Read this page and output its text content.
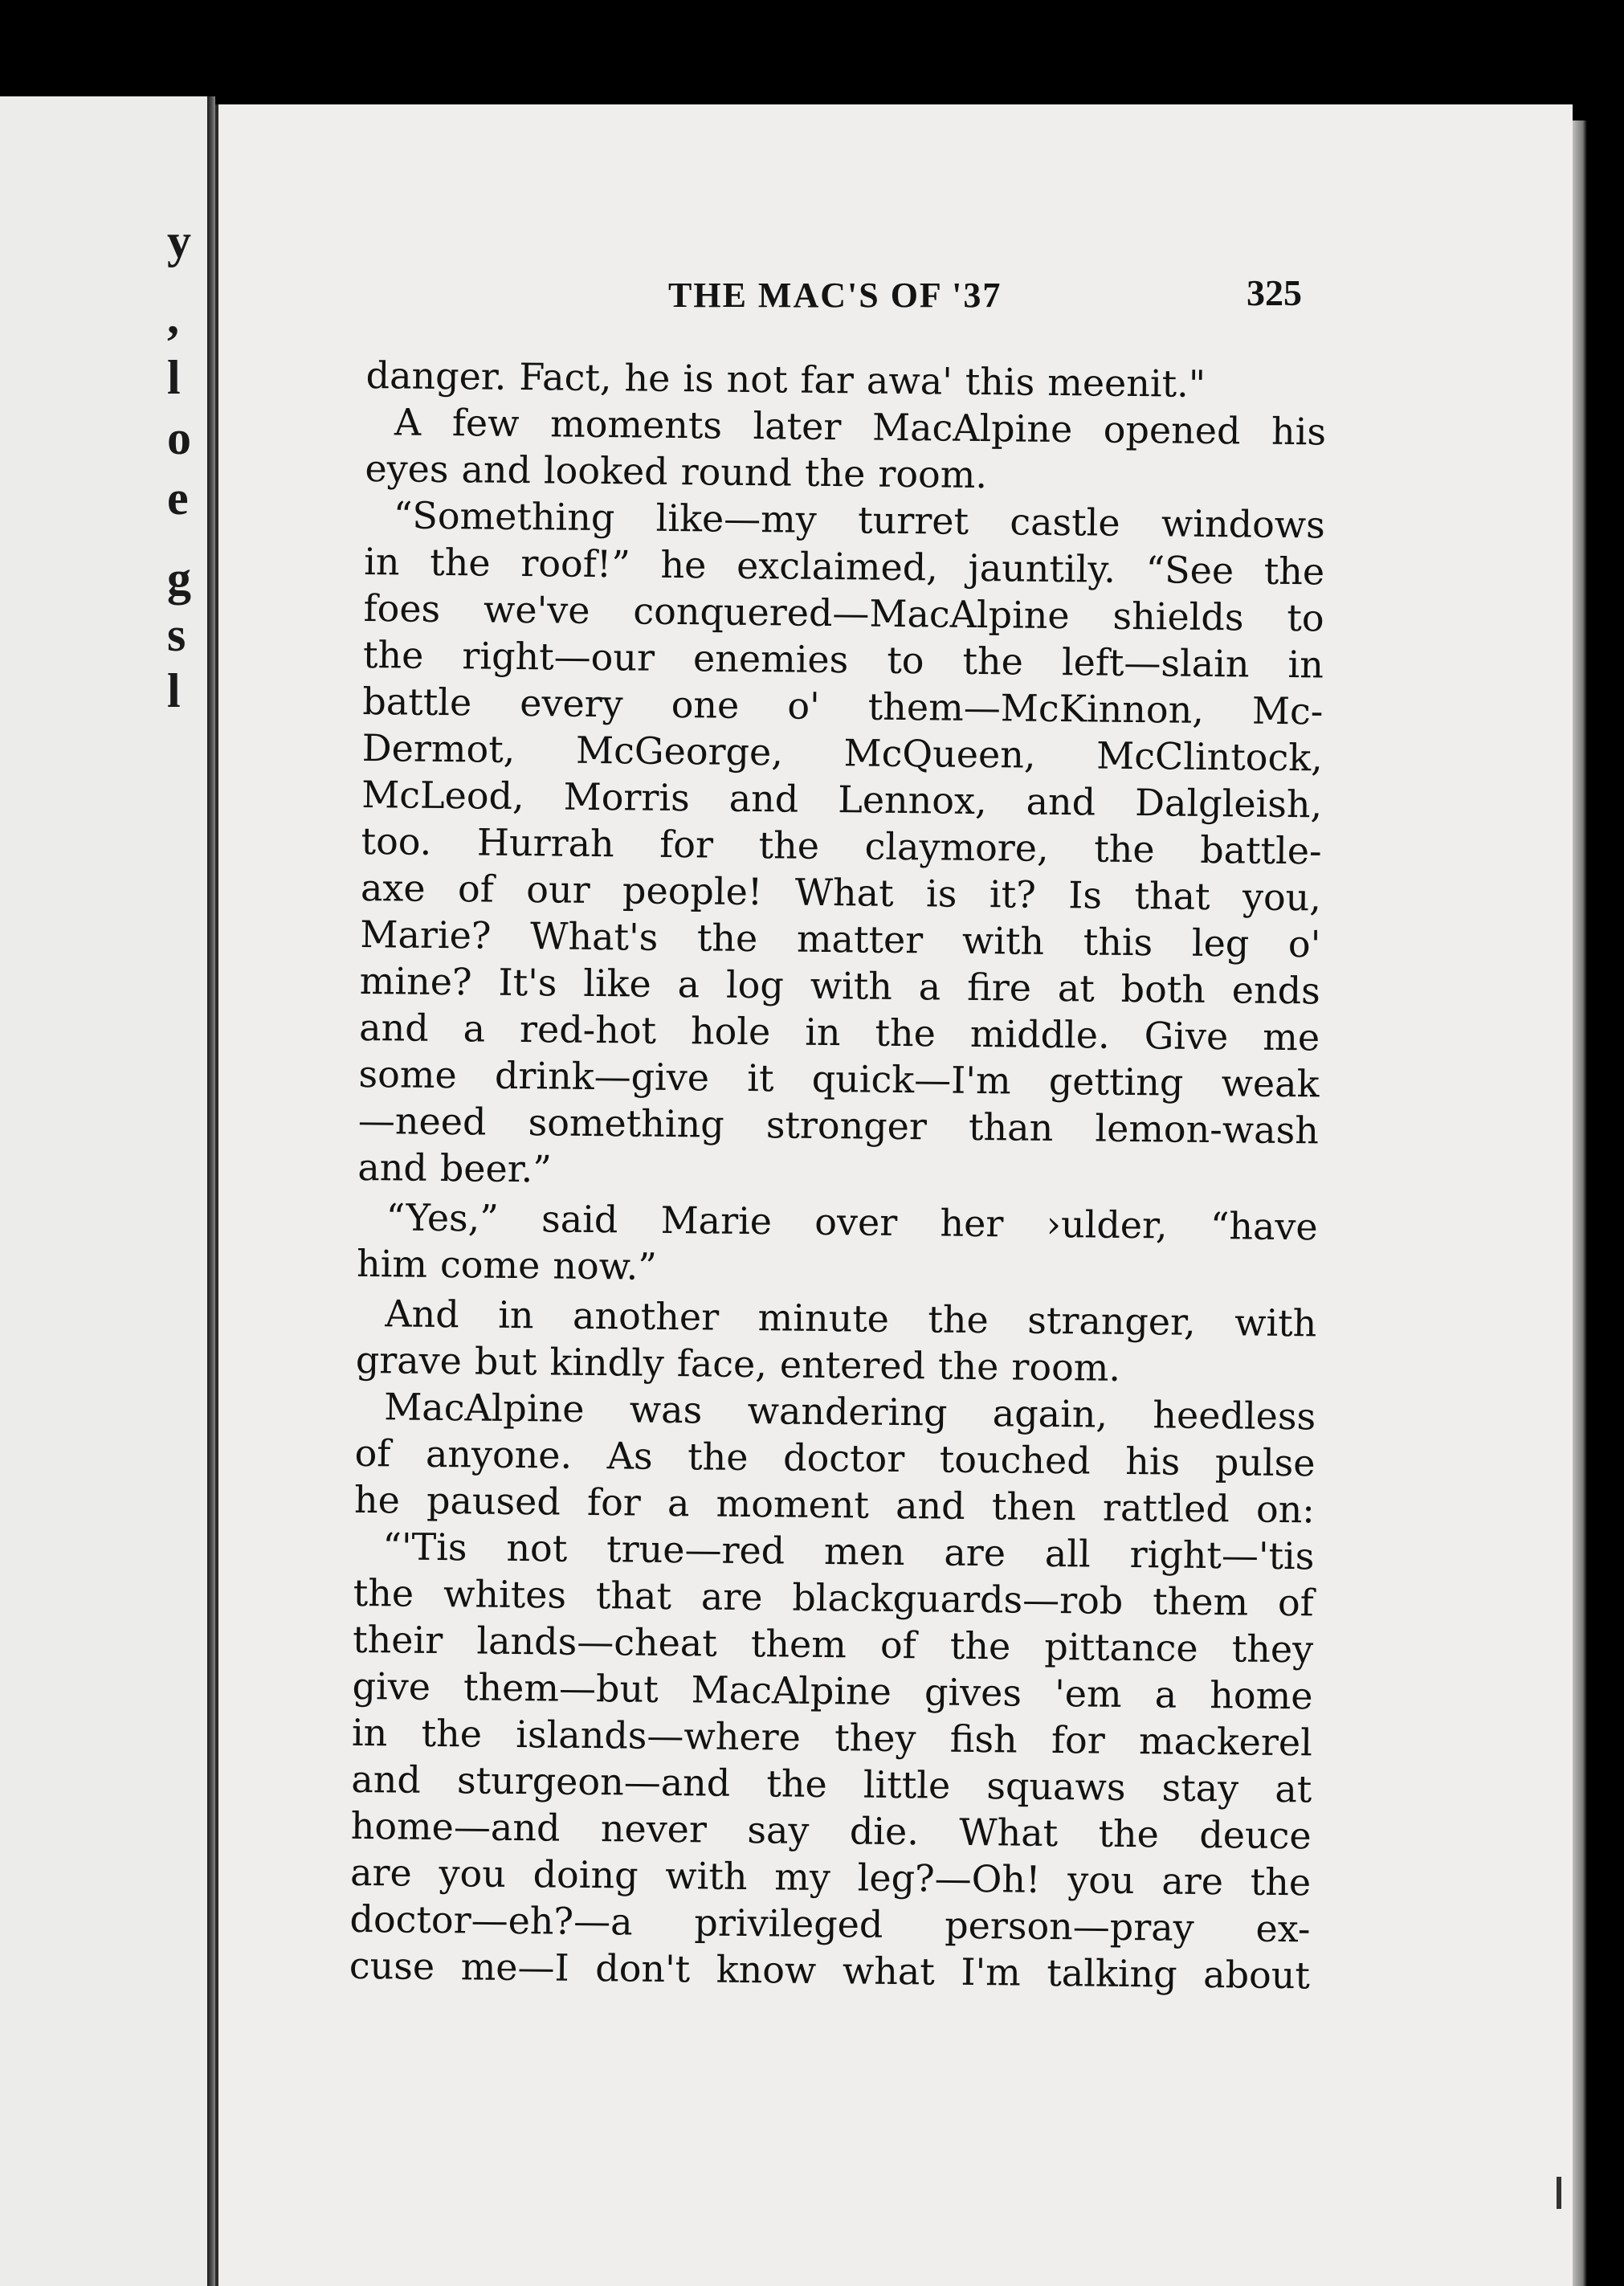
y
,
l
o
e
g
s
l
THE MAC'S OF '37	325
danger. Fact, he is not far awa' this meenit."
A few moments later MacAlpine opened his
eyes and looked round the room.
“Something like—my turret castle windows
in the roof!” he exclaimed, jauntily. “See the
foes we've conquered—MacAlpine shields to
the right—our enemies to the left—slain in
battle every one o' them—McKinnon, Mc-
Dermot, McGeorge, McQueen, McClintock,
McLeod, Morris and Lennox, and Dalgleish,
too. Hurrah for the claymore, the battle-
axe of our people! What is it? Is that you,
Marie? What's the matter with this leg o'
mine? It's like a log with a fire at both ends
and a red-hot hole in the middle. Give me
some drink—give it quick—I'm getting weak
—need something stronger than lemon-wash
and beer.”
“Yes,” said Marie over her ›ulder, “have
him come now.”
And in another minute the stranger, with
grave but kindly face, entered the room.
MacAlpine was wandering again, heedless
of anyone. As the doctor touched his pulse
he paused for a moment and then rattled on:
“'Tis not true—red men are all right—'tis
the whites that are blackguards—rob them of
their lands—cheat them of the pittance they
give them—but MacAlpine gives 'em a home
in the islands—where they fish for mackerel
and sturgeon—and the little squaws stay at
home—and never say die. What the deuce
are you doing with my leg?—Oh! you are the
doctor—eh?—a privileged person—pray ex-
cuse me—I don't know what I'm talking about
